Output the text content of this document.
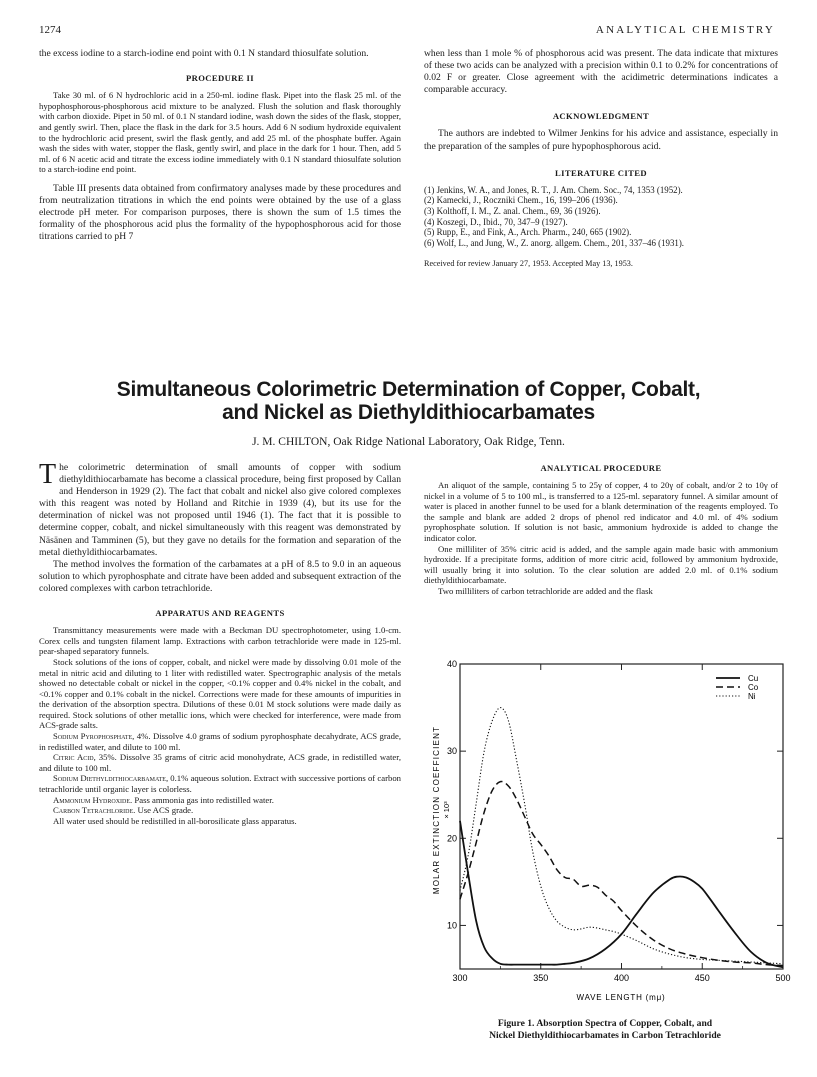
1274	ANALYTICAL CHEMISTRY

the excess iodine to a starch-iodine end point with 0.1 N standard thiosulfate solution.

PROCEDURE II

Take 30 ml. of 6 N hydrochloric acid in a 250-ml. iodine flask. Pipet into the flask 25 ml. of the hypophosphorous-phosphorous acid mixture to be analyzed. Flush the solution and flask thoroughly with carbon dioxide. Pipet in 50 ml. of 0.1 N standard iodine, wash down the sides of the flask, stopper, and gently swirl. Then, place the flask in the dark for 3.5 hours. Add 6 N sodium hydroxide equivalent to the hydrochloric acid present, swirl the flask gently, and add 25 ml. of the phosphate buffer. Again wash the sides with water, stopper the flask, gently swirl, and place in the dark for 1 hour. Then, add 5 ml. of 6 N acetic acid and titrate the excess iodine immediately with 0.1 N standard thiosulfate solution to a starch-iodine end point.

Table III presents data obtained from confirmatory analyses made by these procedures and from neutralization titrations in which the end points were obtained by the use of a glass electrode pH meter. For comparison purposes, there is shown the sum of 1.5 times the formality of the phosphorous acid plus the formality of the hypophosphorous acid for those titrations carried to pH 7

when less than 1 mole % of phosphorous acid was present. The data indicate that mixtures of these two acids can be analyzed with a precision within 0.1 to 0.2% for concentrations of 0.02 F or greater. Close agreement with the acidimetric determinations indicates a comparable accuracy.

ACKNOWLEDGMENT

The authors are indebted to Wilmer Jenkins for his advice and assistance, especially in the preparation of the samples of pure hypophosphorous acid.

LITERATURE CITED
(1) Jenkins, W. A., and Jones, R. T., J. Am. Chem. Soc., 74, 1353 (1952).
(2) Kamecki, J., Roczniki Chem., 16, 199–206 (1936).
(3) Kolthoff, I. M., Z. anal. Chem., 69, 36 (1926).
(4) Koszegi, D., Ibid., 70, 347–9 (1927).
(5) Rupp, E., and Fink, A., Arch. Pharm., 240, 665 (1902).
(6) Wolf, L., and Jung, W., Z. anorg. allgem. Chem., 201, 337–46 (1931).
Received for review January 27, 1953. Accepted May 13, 1953.
Simultaneous Colorimetric Determination of Copper, Cobalt,
and Nickel as Diethyldithiocarbamates
J. M. CHILTON, Oak Ridge National Laboratory, Oak Ridge, Tenn.

The colorimetric determination of small amounts of copper with sodium diethyldithiocarbamate has become a classical procedure, being first proposed by Callan and Henderson in 1929 (2). The fact that cobalt and nickel also give colored complexes with this reagent was noted by Holland and Ritchie in 1939 (4), but its use for the determination of nickel was not proposed until 1946 (1). The fact that it is possible to determine copper, cobalt, and nickel simultaneously with this reagent was demonstrated by Näsänen and Tamminen (5), but they gave no details for the formation and separation of the metal diethyldithiocarbamates.

The method involves the formation of the carbamates at a pH of 8.5 to 9.0 in an aqueous solution to which pyrophosphate and citrate have been added and subsequent extraction of the colored complexes with carbon tetrachloride.

APPARATUS AND REAGENTS

Transmittancy measurements were made with a Beckman DU spectrophotometer, using 1.0-cm. Corex cells and tungsten filament lamp. Extractions with carbon tetrachloride were made in 125-ml. pear-shaped separatory funnels.

Stock solutions of the ions of copper, cobalt, and nickel were made by dissolving 0.01 mole of the metal in nitric acid and diluting to 1 liter with redistilled water. Spectrographic analysis of the metals showed no detectable cobalt or nickel in the copper, <0.1% copper and 0.4% nickel in the cobalt, and <0.1% copper and 0.1% cobalt in the nickel. Corrections were made for these amounts of impurities in the derivation of the absorption spectra. Dilutions of these 0.01 M stock solutions were made daily as required. Stock solutions of other metallic ions, which were checked for interference, were made from ACS-grade salts.

Sodium Pyrophosphate, 4%. Dissolve 4.0 grams of sodium pyrophosphate decahydrate, ACS grade, in redistilled water, and dilute to 100 ml.

Citric Acid, 35%. Dissolve 35 grams of citric acid monohydrate, ACS grade, in redistilled water, and dilute to 100 ml.

Sodium Diethyldithiocarbamate, 0.1% aqueous solution. Extract with successive portions of carbon tetrachloride until organic layer is colorless.

Ammonium Hydroxide. Pass ammonia gas into redistilled water.

Carbon Tetrachloride. Use ACS grade.

All water used should be redistilled in all-borosilicate glass apparatus.

ANALYTICAL PROCEDURE

An aliquot of the sample, containing 5 to 25γ of copper, 4 to 20γ of cobalt, and/or 2 to 10γ of nickel in a volume of 5 to 100 ml., is transferred to a 125-ml. separatory funnel. A similar amount of water is placed in another funnel to be used for a blank determination of the reagents employed. To the sample and blank are added 2 drops of phenol red indicator and 4.0 ml. of 4% sodium pyrophosphate solution. If solution is not basic, ammonium hydroxide is added to change the indicator color.

One milliliter of 35% citric acid is added, and the sample again made basic with ammonium hydroxide. If a precipitate forms, addition of more citric acid, followed by ammonium hydroxide, will usually bring it into solution. To the clear solution are added 2.0 ml. of 0.1% sodium diethyldithiocarbamate.

Two milliliters of carbon tetrachloride are added and the flask

300	350	400	450	500
10
20
30
40
Cu
Co
Ni
MOLAR EXTINCTION COEFFICIENT × 10³
WAVE LENGTH (mμ)
Figure 1. Absorption Spectra of Copper, Cobalt, and
Nickel Diethyldithiocarbamates in Carbon Tetrachloride
